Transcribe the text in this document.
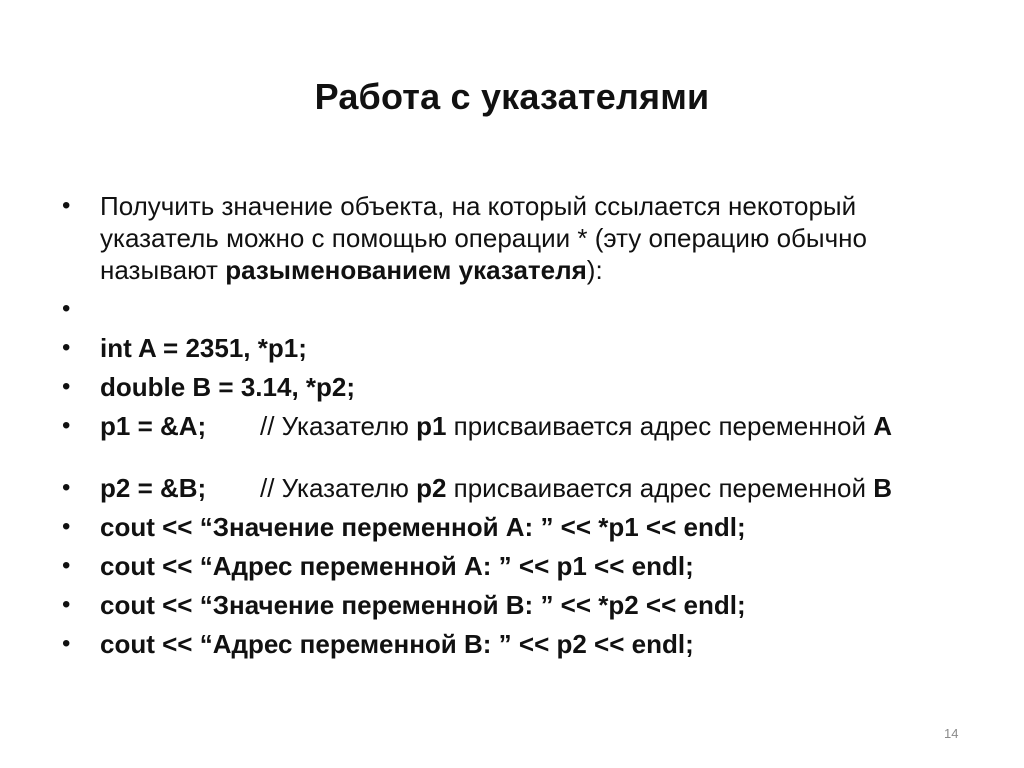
Работа с указателями
•	Получить значение объекта, на который ссылается некоторый указатель можно с помощью операции * (эту операцию обычно называют разыменованием указателя):
•
•	int A = 2351, *p1;
•	double B = 3.14, *p2;
•	p1 = &A; // Указателю p1 присваивается адрес переменной A
•	p2 = &B; // Указателю p2 присваивается адрес переменной B
•	cout << “Значение переменной A: ” << *p1 << endl;
•	cout << “Адрес переменной A: ” << p1 << endl;
•	cout << “Значение переменной B: ” << *p2 << endl;
•	cout << “Адрес переменной B: ” << p2 << endl;
14
